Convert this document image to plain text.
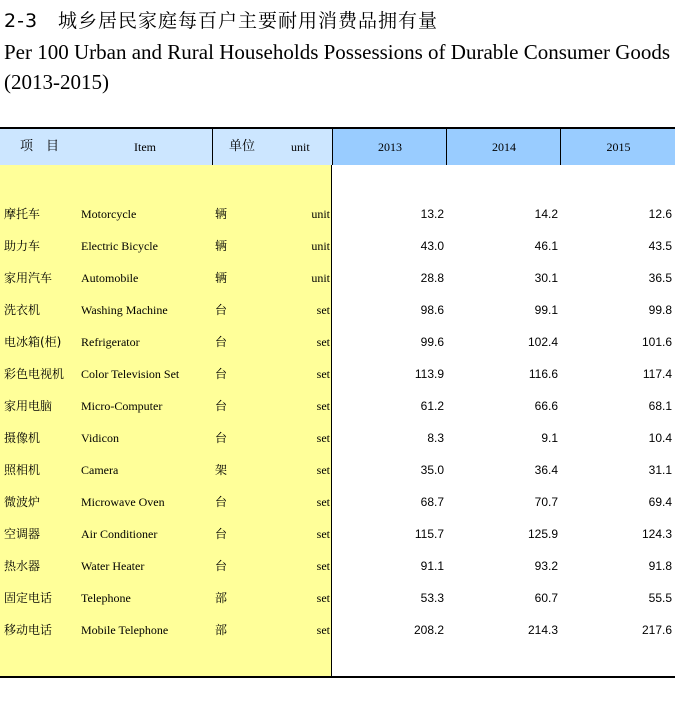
2-3　城乡居民家庭每百户主要耐用消费品拥有量
Per 100 Urban and Rural Households Possessions of Durable Consumer Goods (2013-2015)
项　目	Item	单位	unit	2013	2014	2015
摩托车	Motorcycle	辆	unit	13.2	14.2	12.6
助力车	Electric Bicycle	辆	unit	43.0	46.1	43.5
家用汽车 Automobile	辆	unit	28.8	30.1	36.5
洗衣机	Washing Machine	台	set	98.6	99.1	99.8
电冰箱(柜) Refrigerator	台	set	99.6	102.4	101.6
彩色电视机 Color Television Set	台	set	113.9	116.6	117.4
家用电脑 Micro-Computer	台	set	61.2	66.6	68.1
摄像机	Vidicon	台	set	8.3	9.1	10.4
照相机	Camera	架	set	35.0	36.4	31.1
微波炉	Microwave Oven	台	set	68.7	70.7	69.4
空调器	Air Conditioner	台	set	115.7	125.9	124.3
热水器	Water Heater	台	set	91.1	93.2	91.8
固定电话 Telephone	部	set	53.3	60.7	55.5
移动电话 Mobile Telephone	部	set	208.2	214.3	217.6
